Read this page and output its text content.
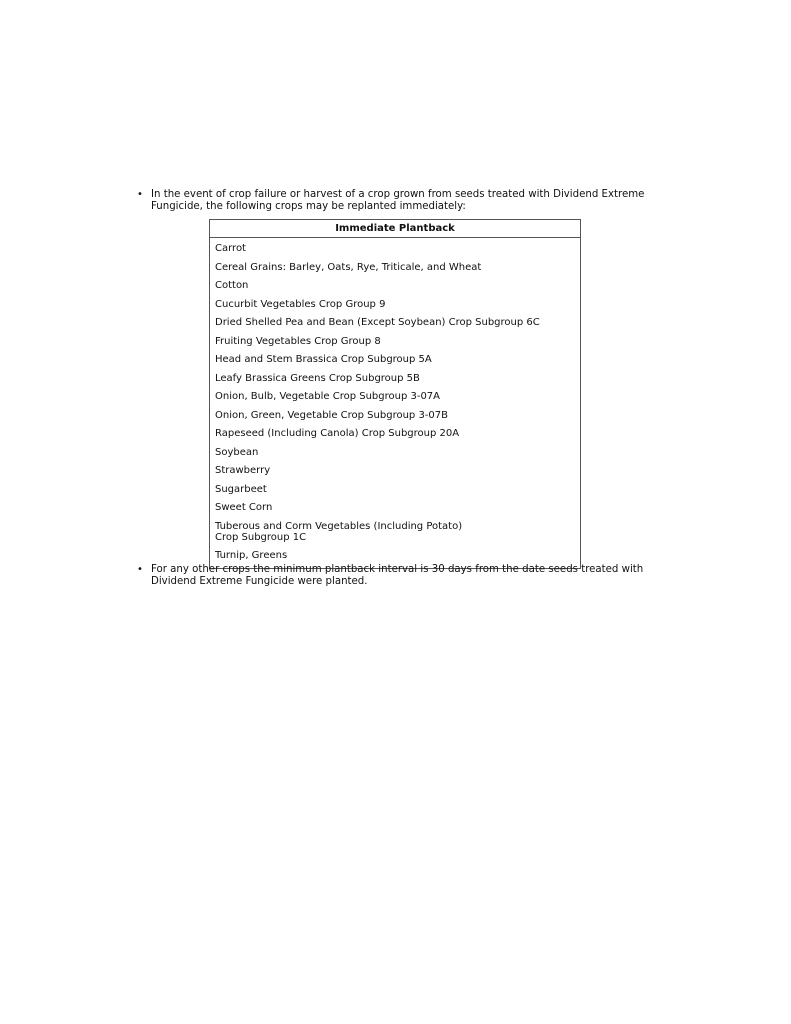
• In the event of crop failure or harvest of a crop grown from seeds treated with Dividend Extreme Fungicide, the following crops may be replanted immediately:
Immediate Plantback
Carrot
Cereal Grains: Barley, Oats, Rye, Triticale, and Wheat
Cotton
Cucurbit Vegetables Crop Group 9
Dried Shelled Pea and Bean (Except Soybean) Crop Subgroup 6C
Fruiting Vegetables Crop Group 8
Head and Stem Brassica Crop Subgroup 5A
Leafy Brassica Greens Crop Subgroup 5B
Onion, Bulb, Vegetable Crop Subgroup 3-07A
Onion, Green, Vegetable Crop Subgroup 3-07B
Rapeseed (Including Canola) Crop Subgroup 20A
Soybean
Strawberry
Sugarbeet
Sweet Corn
Tuberous and Corm Vegetables (Including Potato)
Crop Subgroup 1C
Turnip, Greens
• For any other crops the minimum plantback interval is 30 days from the date seeds treated with Dividend Extreme Fungicide were planted.
